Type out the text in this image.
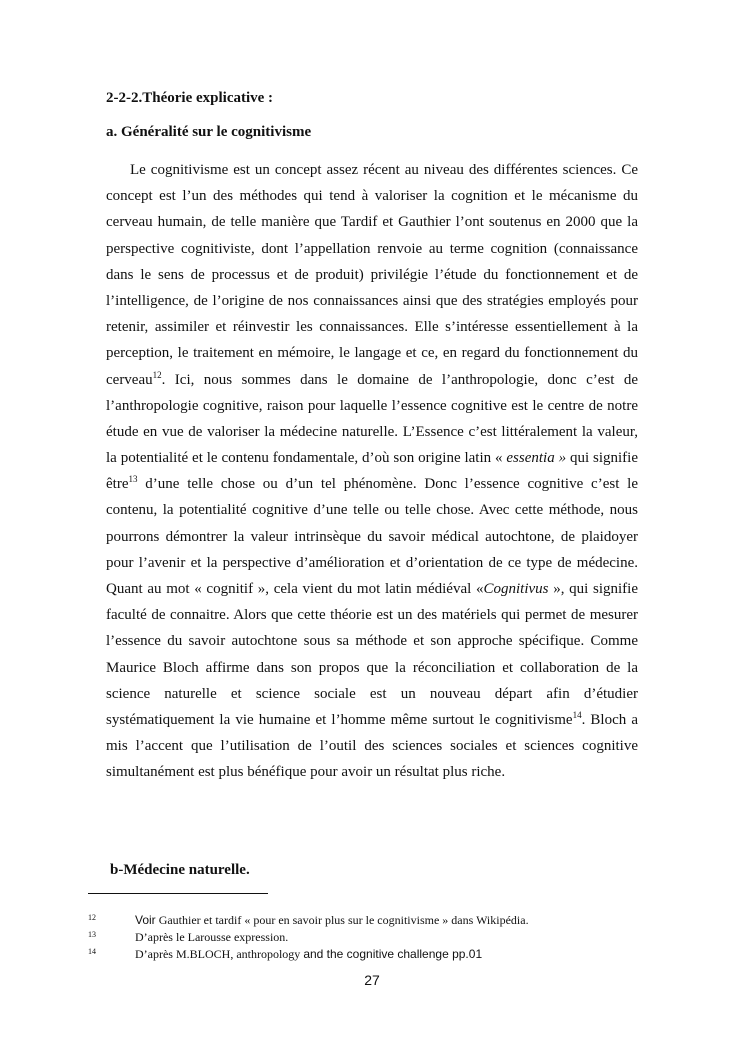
2-2-2.Théorie explicative :
a. Généralité sur le cognitivisme
Le cognitivisme est un concept assez récent au niveau des différentes sciences. Ce
concept est l’un des méthodes qui tend à valoriser la cognition et le mécanisme du
cerveau humain, de telle manière que Tardif et Gauthier l’ont soutenus en 2000 que la
perspective cognitiviste, dont l’appellation renvoie au terme cognition (connaissance
dans le sens de processus et de produit) privilégie l’étude du fonctionnement et de
l’intelligence, de l’origine de nos connaissances ainsi que des stratégies employés pour
retenir, assimiler et réinvestir les connaissances. Elle s’intéresse essentiellement à la
perception, le traitement en mémoire, le langage et ce, en regard du fonctionnement du
cerveau$^{12}$. Ici, nous sommes dans le domaine de l’anthropologie, donc c’est de
l’anthropologie cognitive, raison pour laquelle l’essence cognitive est le centre de notre
étude en vue de valoriser la médecine naturelle. L’Essence c’est littéralement la valeur,
la potentialité et le contenu fondamentale, d’où son origine latin « essentia » qui signifie
être$^{13}$ d’une telle chose ou d’un tel phénomène. Donc l’essence cognitive c’est le
contenu, la potentialité cognitive d’une telle ou telle chose. Avec cette méthode, nous
pourrons démontrer la valeur intrinsèque du savoir médical autochtone, de plaidoyer
pour l’avenir et la perspective d’amélioration et d’orientation de ce type de médecine.
Quant au mot « cognitif », cela vient du mot latin médiéval «Cognitivus », qui signifie
faculté de connaitre. Alors que cette théorie est un des matériels qui permet de mesurer
l’essence du savoir autochtone sous sa méthode et son approche spécifique. Comme
Maurice Bloch affirme dans son propos que la réconciliation et collaboration de la
science naturelle et science sociale est un nouveau départ afin d’étudier
systématiquement la vie humaine et l’homme même surtout le cognitivisme$^{14}$. Bloch a
mis l’accent que l’utilisation de l’outil des sciences sociales et sciences cognitive
simultanément est plus bénéfique pour avoir un résultat plus riche.
b-Médecine naturelle.
12	Voir Gauthier et tardif « pour en savoir plus sur le cognitivisme » dans Wikipédia.
13	D’après le Larousse expression.
14	D’après M.BLOCH, anthropology and the cognitive challenge pp.01
27
